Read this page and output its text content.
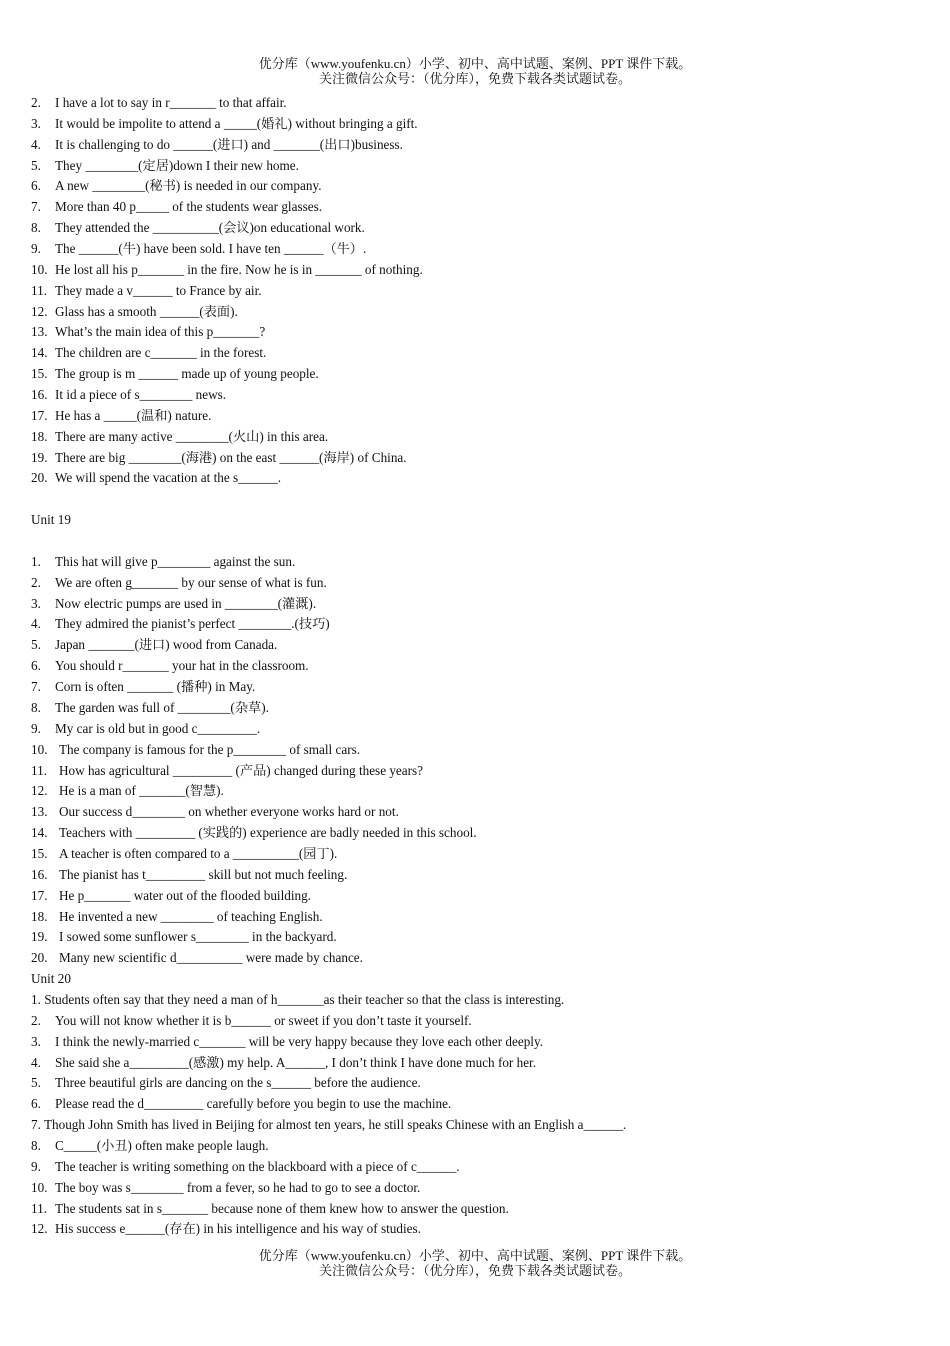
优分库（www.youfenku.cn）小学、初中、高中试题、案例、PPT 课件下载。
关注微信公众号：（优分库），免费下载各类试题试卷。
2. I have a lot to say in r_______ to that affair.
3. It would be impolite to attend a _____(婚礼) without bringing a gift.
4. It is challenging to do ______(进口) and _______(出口)business.
5. They ________(定居)down I their new home.
6. A new ________(秘书) is needed in our company.
7. More than 40 p_____ of the students wear glasses.
8. They attended the __________(会议)on educational work.
9. The ______(牛) have been sold. I have ten ______（牛）.
10. He lost all his p_______ in the fire. Now he is in _______ of nothing.
11. They made a v______ to France by air.
12. Glass has a smooth ______(表面).
13. What’s the main idea of this p_______?
14. The children are c_______ in the forest.
15. The group is m ______ made up of young people.
16. It id a piece of s________ news.
17. He has a _____(温和) nature.
18. There are many active ________(火山) in this area.
19. There are big ________(海港) on the east ______(海岸) of China.
20. We will spend the vacation at the s______.
Unit 19
1. This hat will give p________ against the sun.
2. We are often g_______ by our sense of what is fun.
3. Now electric pumps are used in ________(灌溉).
4. They admired the pianist’s perfect ________.(技巧)
5. Japan _______(进口) wood from Canada.
6. You should r_______ your hat in the classroom.
7. Corn is often _______ (播种) in May.
8. The garden was full of ________(杂草).
9. My car is old but in good c_________.
10. The company is famous for the p________ of small cars.
11. How has agricultural _________ (产品) changed during these years?
12. He is a man of _______(智慧).
13. Our success d________ on whether everyone works hard or not.
14. Teachers with _________ (实践的) experience are badly needed in this school.
15. A teacher is often compared to a __________(园丁).
16. The pianist has t_________ skill but not much feeling.
17. He p_______ water out of the flooded building.
18. He invented a new ________ of teaching English.
19. I sowed some sunflower s________ in the backyard.
20. Many new scientific d__________ were made by chance.
Unit 20
1. Students often say that they need a man of h_______as their teacher so that the class is interesting.
2. You will not know whether it is b______ or sweet if you don’t taste it yourself.
3. I think the newly-married c_______ will be very happy because they love each other deeply.
4. She said she a_________(感激) my help. A______, I don’t think I have done much for her.
5. Three beautiful girls are dancing on the s______ before the audience.
6. Please read the d_________ carefully before you begin to use the machine.
7. Though John Smith has lived in Beijing for almost ten years, he still speaks Chinese with an English a______.
8. C_____(小丑) often make people laugh.
9. The teacher is writing something on the blackboard with a piece of c______.
10. The boy was s________ from a fever, so he had to go to see a doctor.
11. The students sat in s_______ because none of them knew how to answer the question.
12. His success e______(存在) in his intelligence and his way of studies.
优分库（www.youfenku.cn）小学、初中、高中试题、案例、PPT 课件下载。
关注微信公众号：（优分库），免费下载各类试题试卷。
